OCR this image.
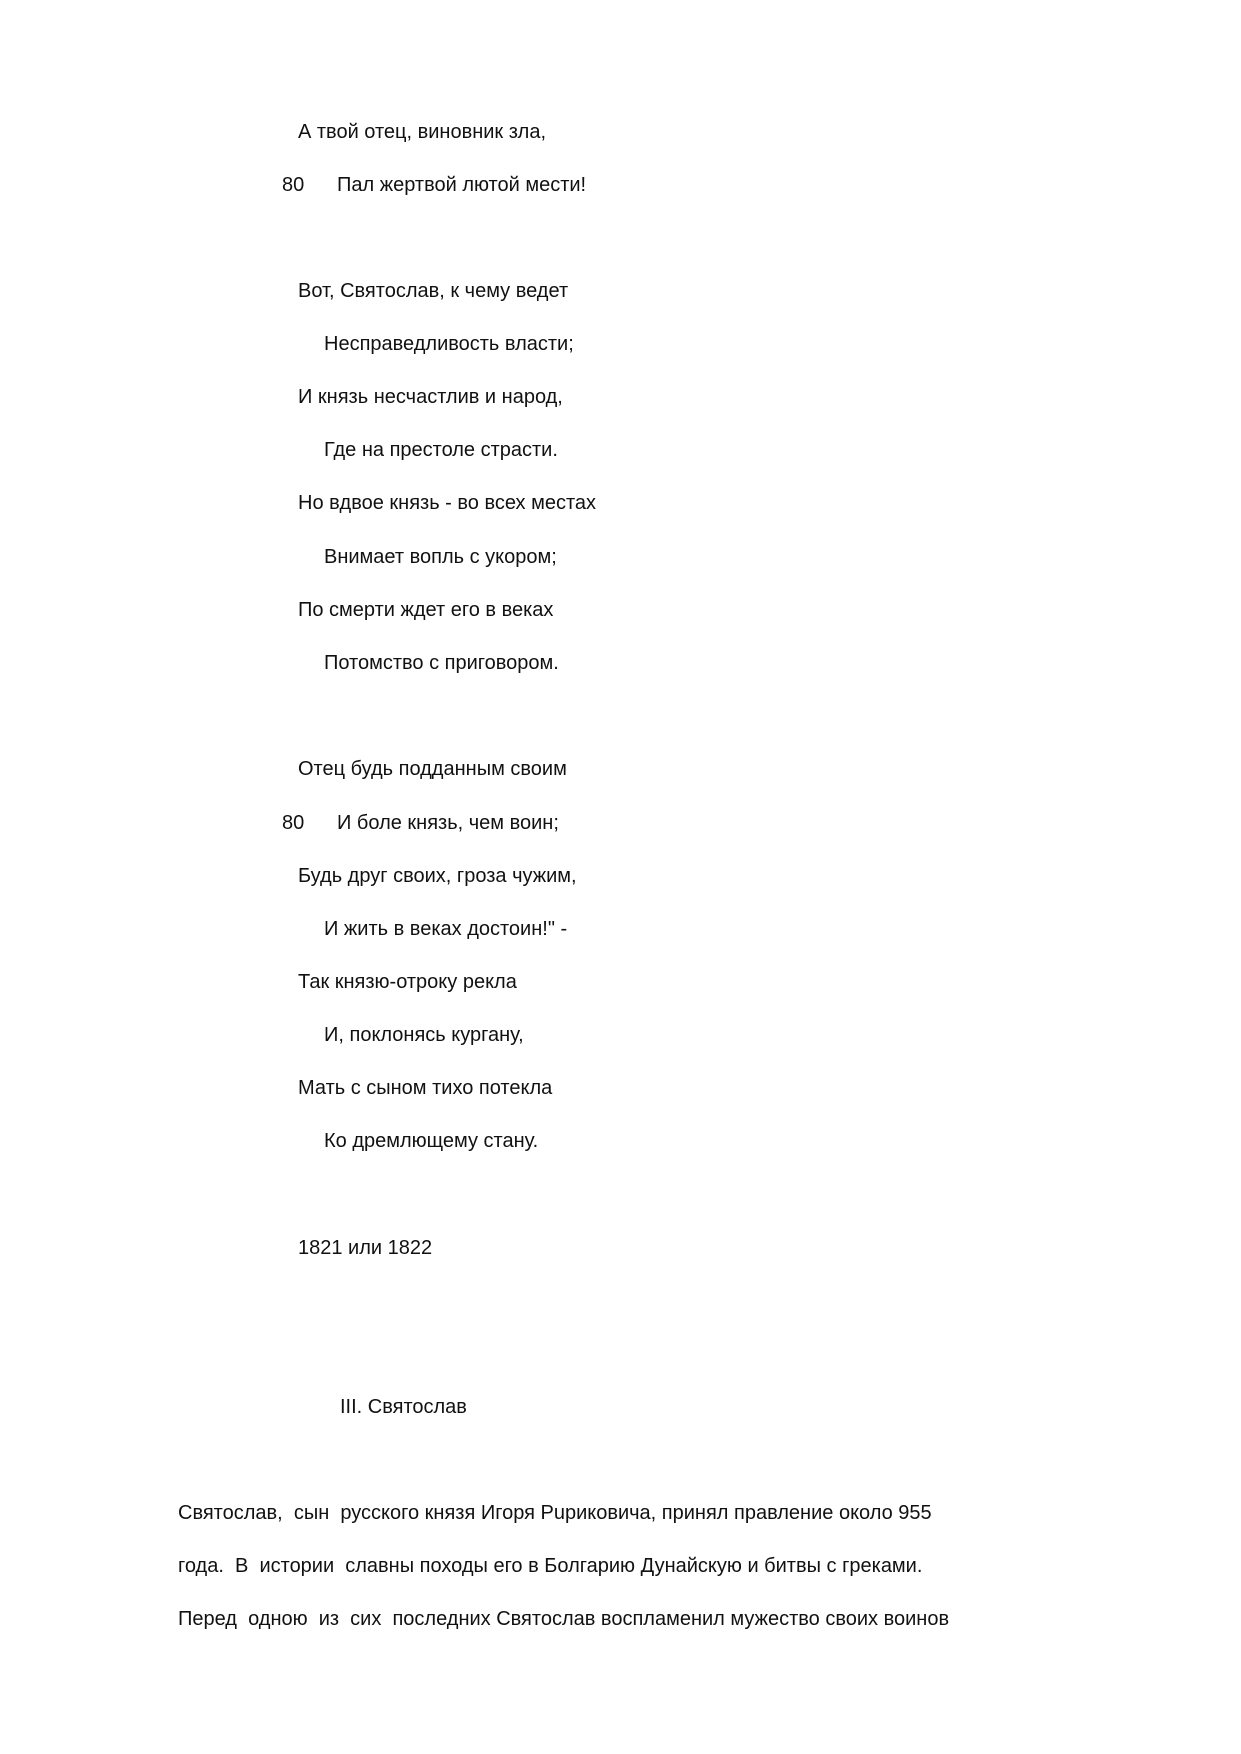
А твой отец, виновник зла,
80 Пал жертвой лютой мести!
Вот, Святослав, к чему ведет
Несправедливость власти;
И князь несчастлив и народ,
Где на престоле страсти.
Но вдвое князь - во всех местах
Внимает вопль с укором;
По смерти ждет его в веках
Потомство с приговором.
Отец будь подданным своим
80 И боле князь, чем воин;
Будь друг своих, гроза чужим,
И жить в веках достоин!" -
Так князю-отроку рекла
И, поклонясь кургану,
Мать с сыном тихо потекла
Ко дремлющему стану.
1821 или 1822
III. Святослав
Святослав,  сын  русского князя Игоря Рuриковича, принял правление около 955
года.  В  истории  славны походы его в Болгарию Дунайскую и битвы с греками.
Перед  одною  из  сих  последних Святослав воспламенил мужество своих воинов
